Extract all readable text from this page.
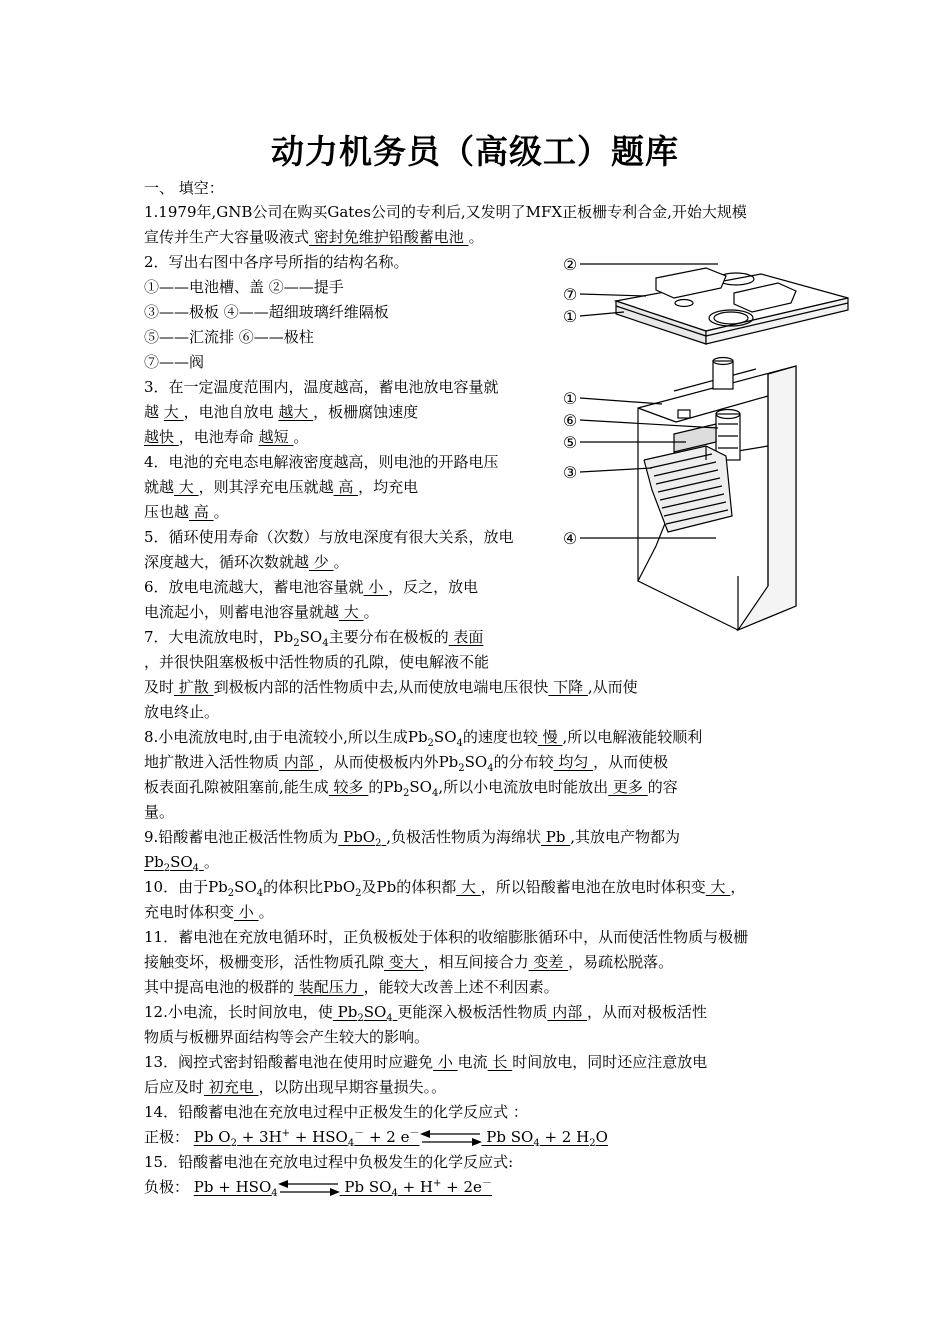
动力机务员（高级工）题库
一、 填空：
1.1979年,GNB公司在购买Gates公司的专利后,又发明了MFX正板栅专利合金,开始大规模
宣传并生产大容量吸液式 密封免维护铅酸蓄电池 。
2．写出右图中各序号所指的结构名称。
①——电池槽、盖 ②——提手
③——极板 ④——超细玻璃纤维隔板
⑤——汇流排 ⑥——极柱
⑦——阀
3．在一定温度范围内，温度越高，蓄电池放电容量就
越 大 ，电池自放电 越大 ，板栅腐蚀速度
越快 ，电池寿命 越短 。
4．电池的充电态电解液密度越高，则电池的开路电压
就越 大 ，则其浮充电压就越 高 ，均充电
压也越 高 。
5．循环使用寿命（次数）与放电深度有很大关系，放电
深度越大，循环次数就越 少 。
6．放电电流越大，蓄电池容量就 小 ，反之，放电
电流起小，则蓄电池容量就越 大 。
7．大电流放电时，$Pb_2SO_4$主要分布在极板的 表面
，并很快阻塞极板中活性物质的孔隙，使电解液不能
及时 扩散 到极板内部的活性物质中去,从而使放电端电压很快 下降 ,从而使
放电终止。
8.小电流放电时,由于电流较小,所以生成$Pb_2SO_4$的速度也较 慢 ,所以电解液能较顺利
地扩散进入活性物质 内部 ，从而使极板内外$Pb_2SO_4$的分布较 均匀 ，从而使极
板表面孔隙被阻塞前,能生成 较多 的$Pb_2SO_4$,所以小电流放电时能放出 更多 的容
量。
9.铅酸蓄电池正极活性物质为 PbO$_2$ ,负极活性物质为海绵状 Pb ,其放电产物都为
$Pb_2SO_4$ 。
10．由于$Pb_2SO_4$的体积比PbO$_2$及Pb的体积都 大 ，所以铅酸蓄电池在放电时体积变 大 ，
充电时体积变 小 。
11．蓄电池在充放电循环时，正负极板处于体积的收缩膨胀循环中，从而使活性物质与极栅
接触变坏，极栅变形，活性物质孔隙 变大 ，相互间接合力 变差 ，易疏松脱落。
其中提高电池的极群的 装配压力 ，能较大改善上述不利因素。
12.小电流，长时间放电，使 $Pb_2SO_4$ 更能深入极板活性物质 内部 ，从而对极板活性
物质与板栅界面结构等会产生较大的影响。
13．阀控式密封铅酸蓄电池在使用时应避免 小 电流 长 时间放电，同时还应注意放电
后应及时 初充电 ，以防出现早期容量损失。。
14．铅酸蓄电池在充放电过程中正极发生的化学反应式 ：
正极： Pb $O_2 + 3H^+ + HSO_4^- + 2$ e－	Pb $SO_4 + 2$ $H_2O$
15．铅酸蓄电池在充放电过程中负极发生的化学反应式:
负极： $Pb + HSO_4$	Pb $SO_4 + H^+ + 2e^-$
②
⑦
①
①
⑥
⑤
③
④
